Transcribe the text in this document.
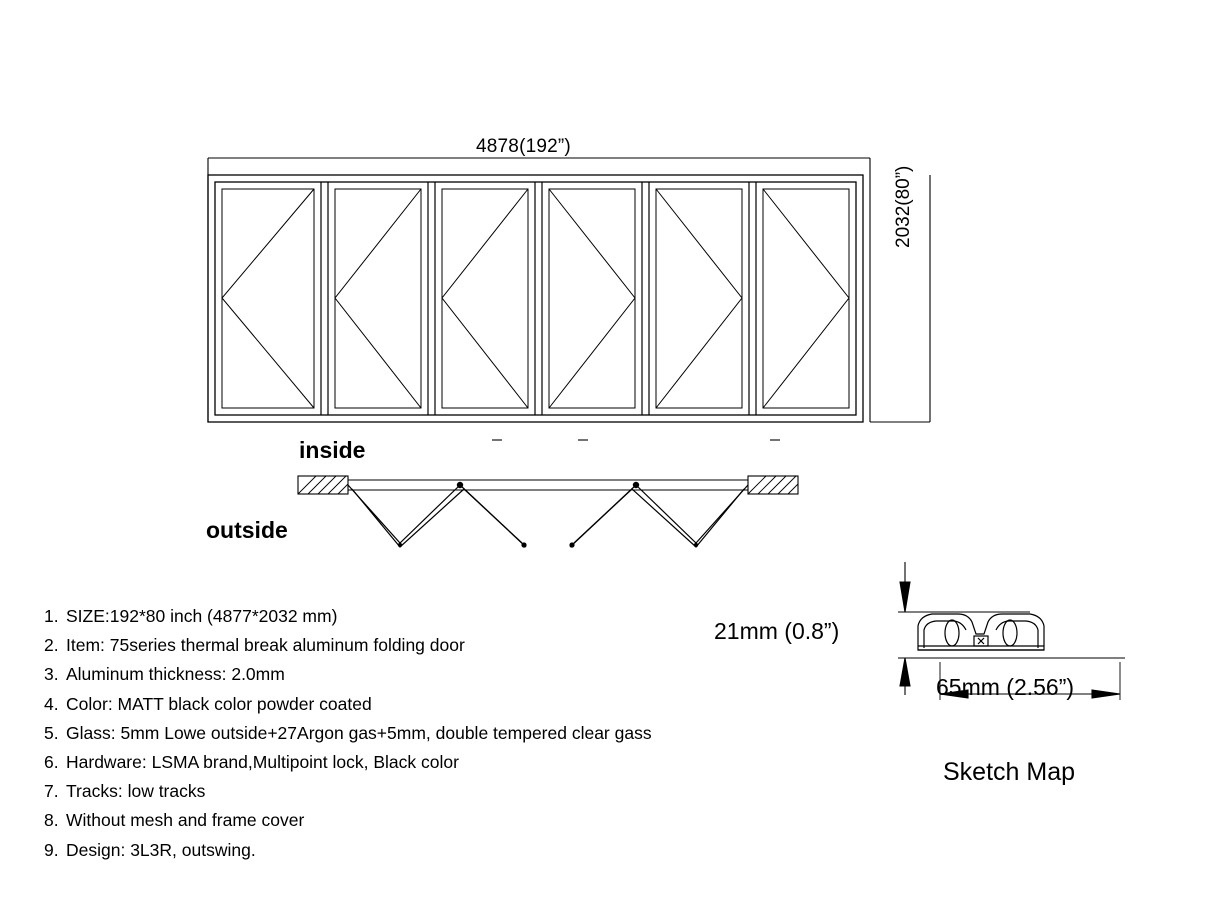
4878(192”)
2032(80”)
inside
outside
1. SIZE:192*80 inch (4877*2032 mm)
2. Item: 75series thermal break aluminum folding door
3. Aluminum thickness: 2.0mm
4. Color: MATT black color powder coated
5. Glass: 5mm Lowe outside+27Argon gas+5mm, double tempered clear gass
6. Hardware: LSMA brand,Multipoint lock, Black color
7. Tracks: low tracks
8. Without mesh and frame cover
9. Design: 3L3R, outswing.
21mm (0.8”)
65mm (2.56”)
Sketch Map
